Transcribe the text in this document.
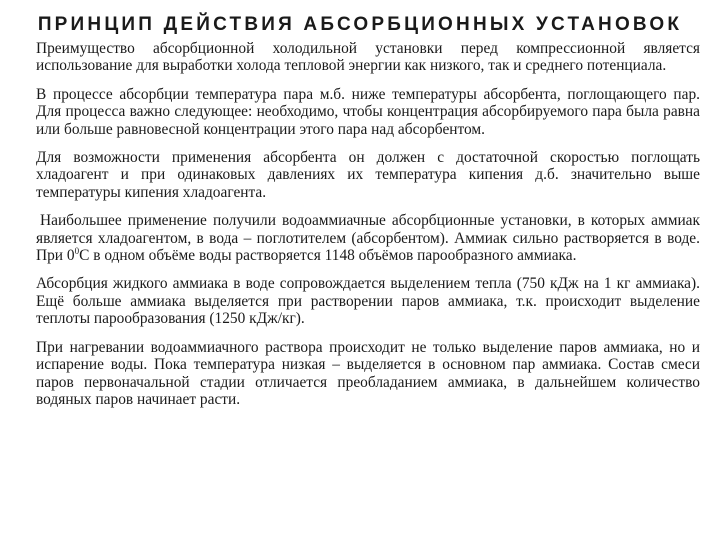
ПРИНЦИП ДЕЙСТВИЯ АБСОРБЦИОННЫХ УСТАНОВОК

Преимущество абсорбционной холодильной установки перед компрессионной является использование для выработки холода тепловой энергии как низкого, так и среднего потенциала.

В процессе абсорбции температура пара м.б. ниже температуры абсорбента, поглощающего пар. Для процесса важно следующее: необходимо, чтобы концентрация абсорбируемого пара была равна или больше равновесной концентрации этого пара над абсорбентом.

Для возможности применения абсорбента он должен с достаточной скоростью поглощать хладоагент и при одинаковых давлениях их температура кипения д.б. значительно выше температуры кипения хладоагента.

Наибольшее применение получили водоаммиачные абсорбционные установки, в которых аммиак является хладоагентом, в вода – поглотителем (абсорбентом). Аммиак сильно растворяется в воде. При $0^0С$ в одном объёме воды растворяется 1148 объёмов парообразного аммиака.

Абсорбция жидкого аммиака в воде сопровождается выделением тепла (750 кДж на 1 кг аммиака). Ещё больше аммиака выделяется при растворении паров аммиака, т.к. происходит выделение теплоты парообразования (1250 кДж/кг).

При нагревании водоаммиачного раствора происходит не только выделение паров аммиака, но и испарение воды. Пока температура низкая – выделяется в основном пар аммиака. Состав смеси паров первоначальной стадии отличается преобладанием аммиака, в дальнейшем количество водяных паров начинает расти.
